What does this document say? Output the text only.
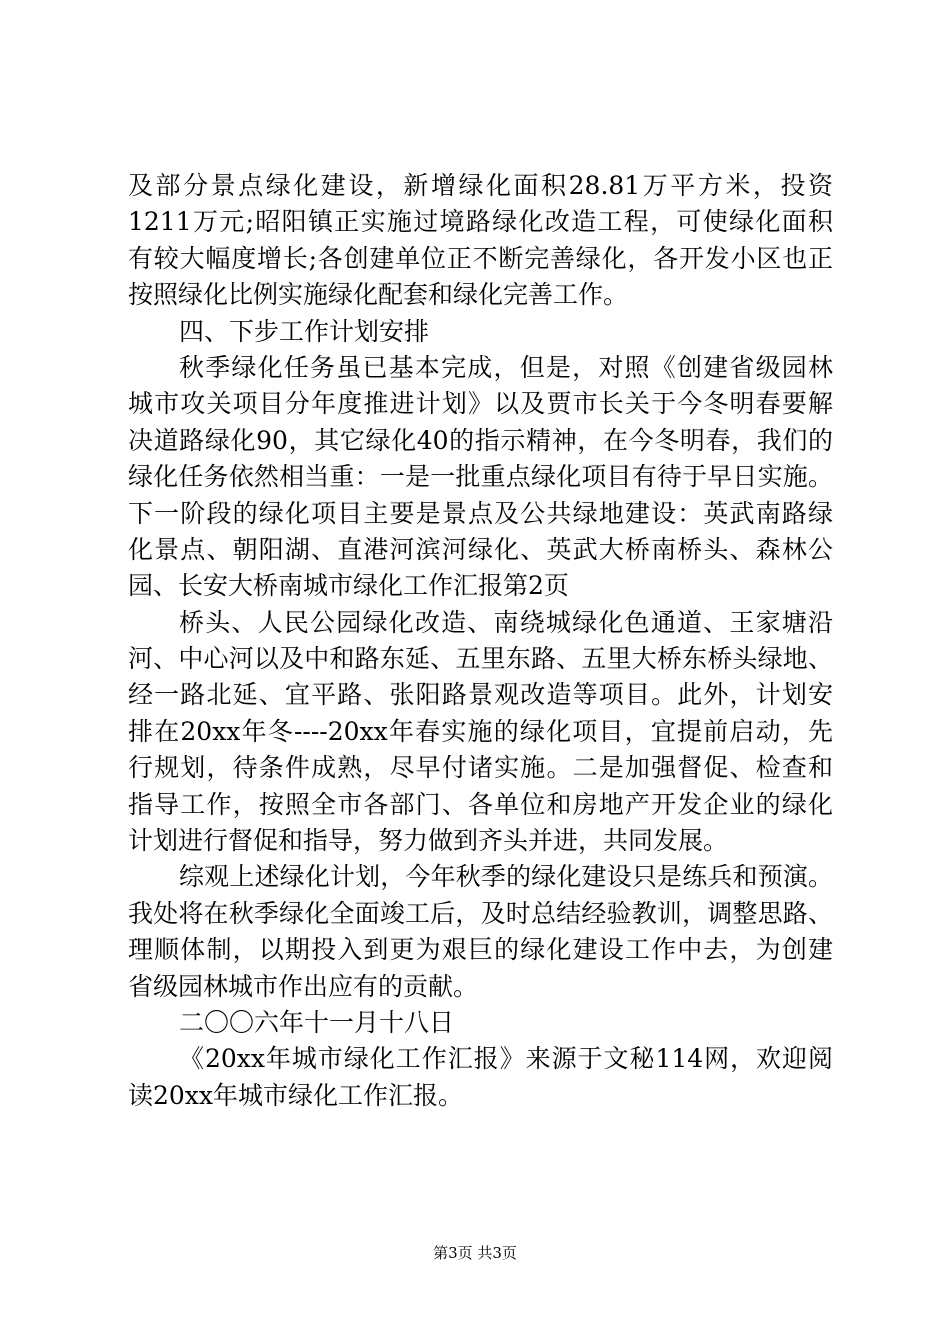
及部分景点绿化建设，新增绿化面积28.81万平方米，投资
1211万元;昭阳镇正实施过境路绿化改造工程，可使绿化面积
有较大幅度增长;各创建单位正不断完善绿化，各开发小区也正
按照绿化比例实施绿化配套和绿化完善工作。
四、下步工作计划安排
秋季绿化任务虽已基本完成，但是，对照《创建省级园林
城市攻关项目分年度推进计划》以及贾市长关于今冬明春要解
决道路绿化90，其它绿化40的指示精神，在今冬明春，我们的
绿化任务依然相当重：一是一批重点绿化项目有待于早日实施。
下一阶段的绿化项目主要是景点及公共绿地建设：英武南路绿
化景点、朝阳湖、直港河滨河绿化、英武大桥南桥头、森林公
园、长安大桥南城市绿化工作汇报第2页
桥头、人民公园绿化改造、南绕城绿化色通道、王家塘沿
河、中心河以及中和路东延、五里东路、五里大桥东桥头绿地、
经一路北延、宜平路、张阳路景观改造等项目。此外，计划安
排在20xx年冬----20xx年春实施的绿化项目，宜提前启动，先
行规划，待条件成熟，尽早付诸实施。二是加强督促、检查和
指导工作，按照全市各部门、各单位和房地产开发企业的绿化
计划进行督促和指导，努力做到齐头并进，共同发展。
综观上述绿化计划，今年秋季的绿化建设只是练兵和预演。
我处将在秋季绿化全面竣工后，及时总结经验教训，调整思路、
理顺体制，以期投入到更为艰巨的绿化建设工作中去，为创建
省级园林城市作出应有的贡献。
二〇〇六年十一月十八日
《20xx年城市绿化工作汇报》来源于文秘114网，欢迎阅
读20xx年城市绿化工作汇报。
第3页 共3页
